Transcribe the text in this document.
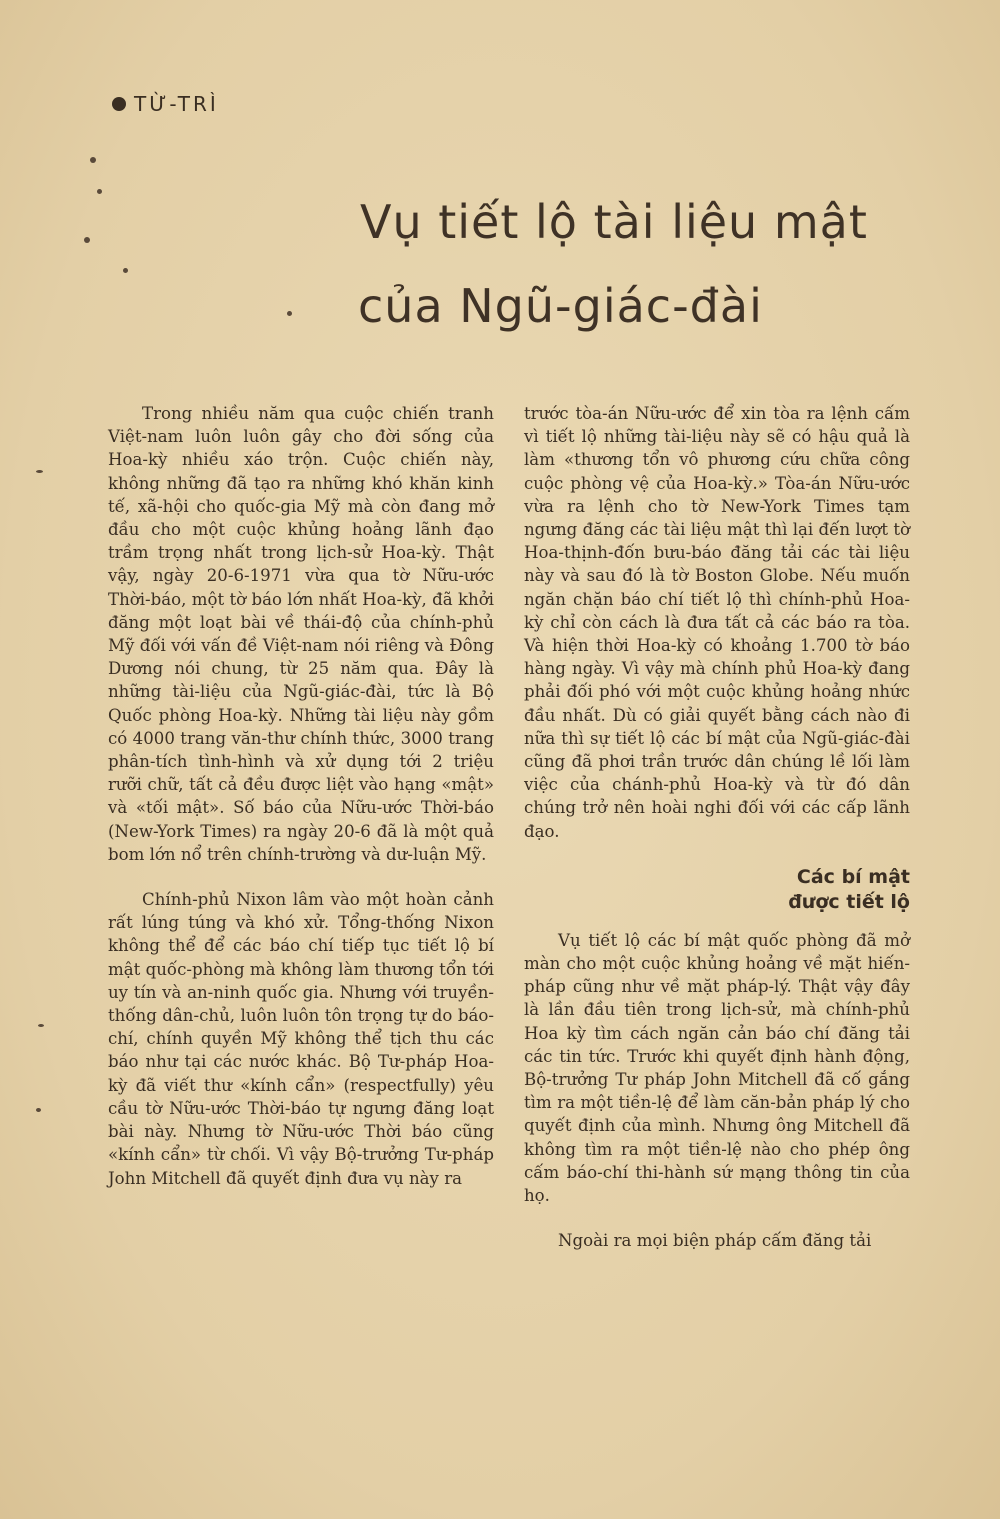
TỪ-TRÌ
Vụ tiết lộ tài liệu mật
của Ngũ-giác-đài

Trong nhiều năm qua cuộc chiến tranh Việt-nam luôn luôn gây cho đời sống của Hoa-kỳ nhiều xáo trộn. Cuộc chiến này, không những đã tạo ra những khó khăn kinh tế, xã-hội cho quốc-gia Mỹ mà còn đang mở đầu cho một cuộc khủng hoảng lãnh đạo trầm trọng nhất trong lịch-sử Hoa-kỳ. Thật vậy, ngày 20-6-1971 vừa qua tờ Nữu-ước Thời-báo, một tờ báo lớn nhất Hoa-kỳ, đã khởi đăng một loạt bài về thái-độ của chính-phủ Mỹ đối với vấn đề Việt-nam nói riêng và Đông Dương nói chung, từ 25 năm qua. Đây là những tài-liệu của Ngũ-giác-đài, tức là Bộ Quốc phòng Hoa-kỳ. Những tài liệu này gồm có 4000 trang văn-thư chính thức, 3000 trang phân-tích tình-hình và xử dụng tới 2 triệu rưỡi chữ, tất cả đều được liệt vào hạng «mật» và «tối mật». Số báo của Nữu-ước Thời-báo (New-York Times) ra ngày 20-6 đã là một quả bom lớn nổ trên chính-trường và dư-luận Mỹ.

Chính-phủ Nixon lâm vào một hoàn cảnh rất lúng túng và khó xử. Tổng-thống Nixon không thể để các báo chí tiếp tục tiết lộ bí mật quốc-phòng mà không làm thương tổn tới uy tín và an-ninh quốc gia. Nhưng với truyền-thống dân-chủ, luôn luôn tôn trọng tự do báo-chí, chính quyền Mỹ không thể tịch thu các báo như tại các nước khác. Bộ Tư-pháp Hoa-kỳ đã viết thư «kính cẩn» (respectfully) yêu cầu tờ Nữu-ước Thời-báo tự ngưng đăng loạt bài này. Nhưng tờ Nữu-ước Thời báo cũng «kính cẩn» từ chối. Vì vậy Bộ-trưởng Tư-pháp John Mitchell đã quyết định đưa vụ này ra

trước tòa-án Nữu-ước để xin tòa ra lệnh cấm vì tiết lộ những tài-liệu này sẽ có hậu quả là làm «thương tổn vô phương cứu chữa công cuộc phòng vệ của Hoa-kỳ.» Tòa-án Nữu-ước vừa ra lệnh cho tờ New-York Times tạm ngưng đăng các tài liệu mật thì lại đến lượt tờ Hoa-thịnh-đốn bưu-báo đăng tải các tài liệu này và sau đó là tờ Boston Globe. Nếu muốn ngăn chặn báo chí tiết lộ thì chính-phủ Hoa-kỳ chỉ còn cách là đưa tất cả các báo ra tòa. Và hiện thời Hoa-kỳ có khoảng 1.700 tờ báo hàng ngày. Vì vậy mà chính phủ Hoa-kỳ đang phải đối phó với một cuộc khủng hoảng nhức đầu nhất. Dù có giải quyết bằng cách nào đi nữa thì sự tiết lộ các bí mật của Ngũ-giác-đài cũng đã phơi trần trước dân chúng lề lối làm việc của chánh-phủ Hoa-kỳ và từ đó dân chúng trở nên hoài nghi đối với các cấp lãnh đạo.

Các bí mật
được tiết lộ

Vụ tiết lộ các bí mật quốc phòng đã mở màn cho một cuộc khủng hoảng về mặt hiến-pháp cũng như về mặt pháp-lý. Thật vậy đây là lần đầu tiên trong lịch-sử, mà chính-phủ Hoa kỳ tìm cách ngăn cản báo chí đăng tải các tin tức. Trước khi quyết định hành động, Bộ-trưởng Tư pháp John Mitchell đã cố gắng tìm ra một tiền-lệ để làm căn-bản pháp lý cho quyết định của mình. Nhưng ông Mitchell đã không tìm ra một tiền-lệ nào cho phép ông cấm báo-chí thi-hành sứ mạng thông tin của họ.

Ngoài ra mọi biện pháp cấm đăng tải
